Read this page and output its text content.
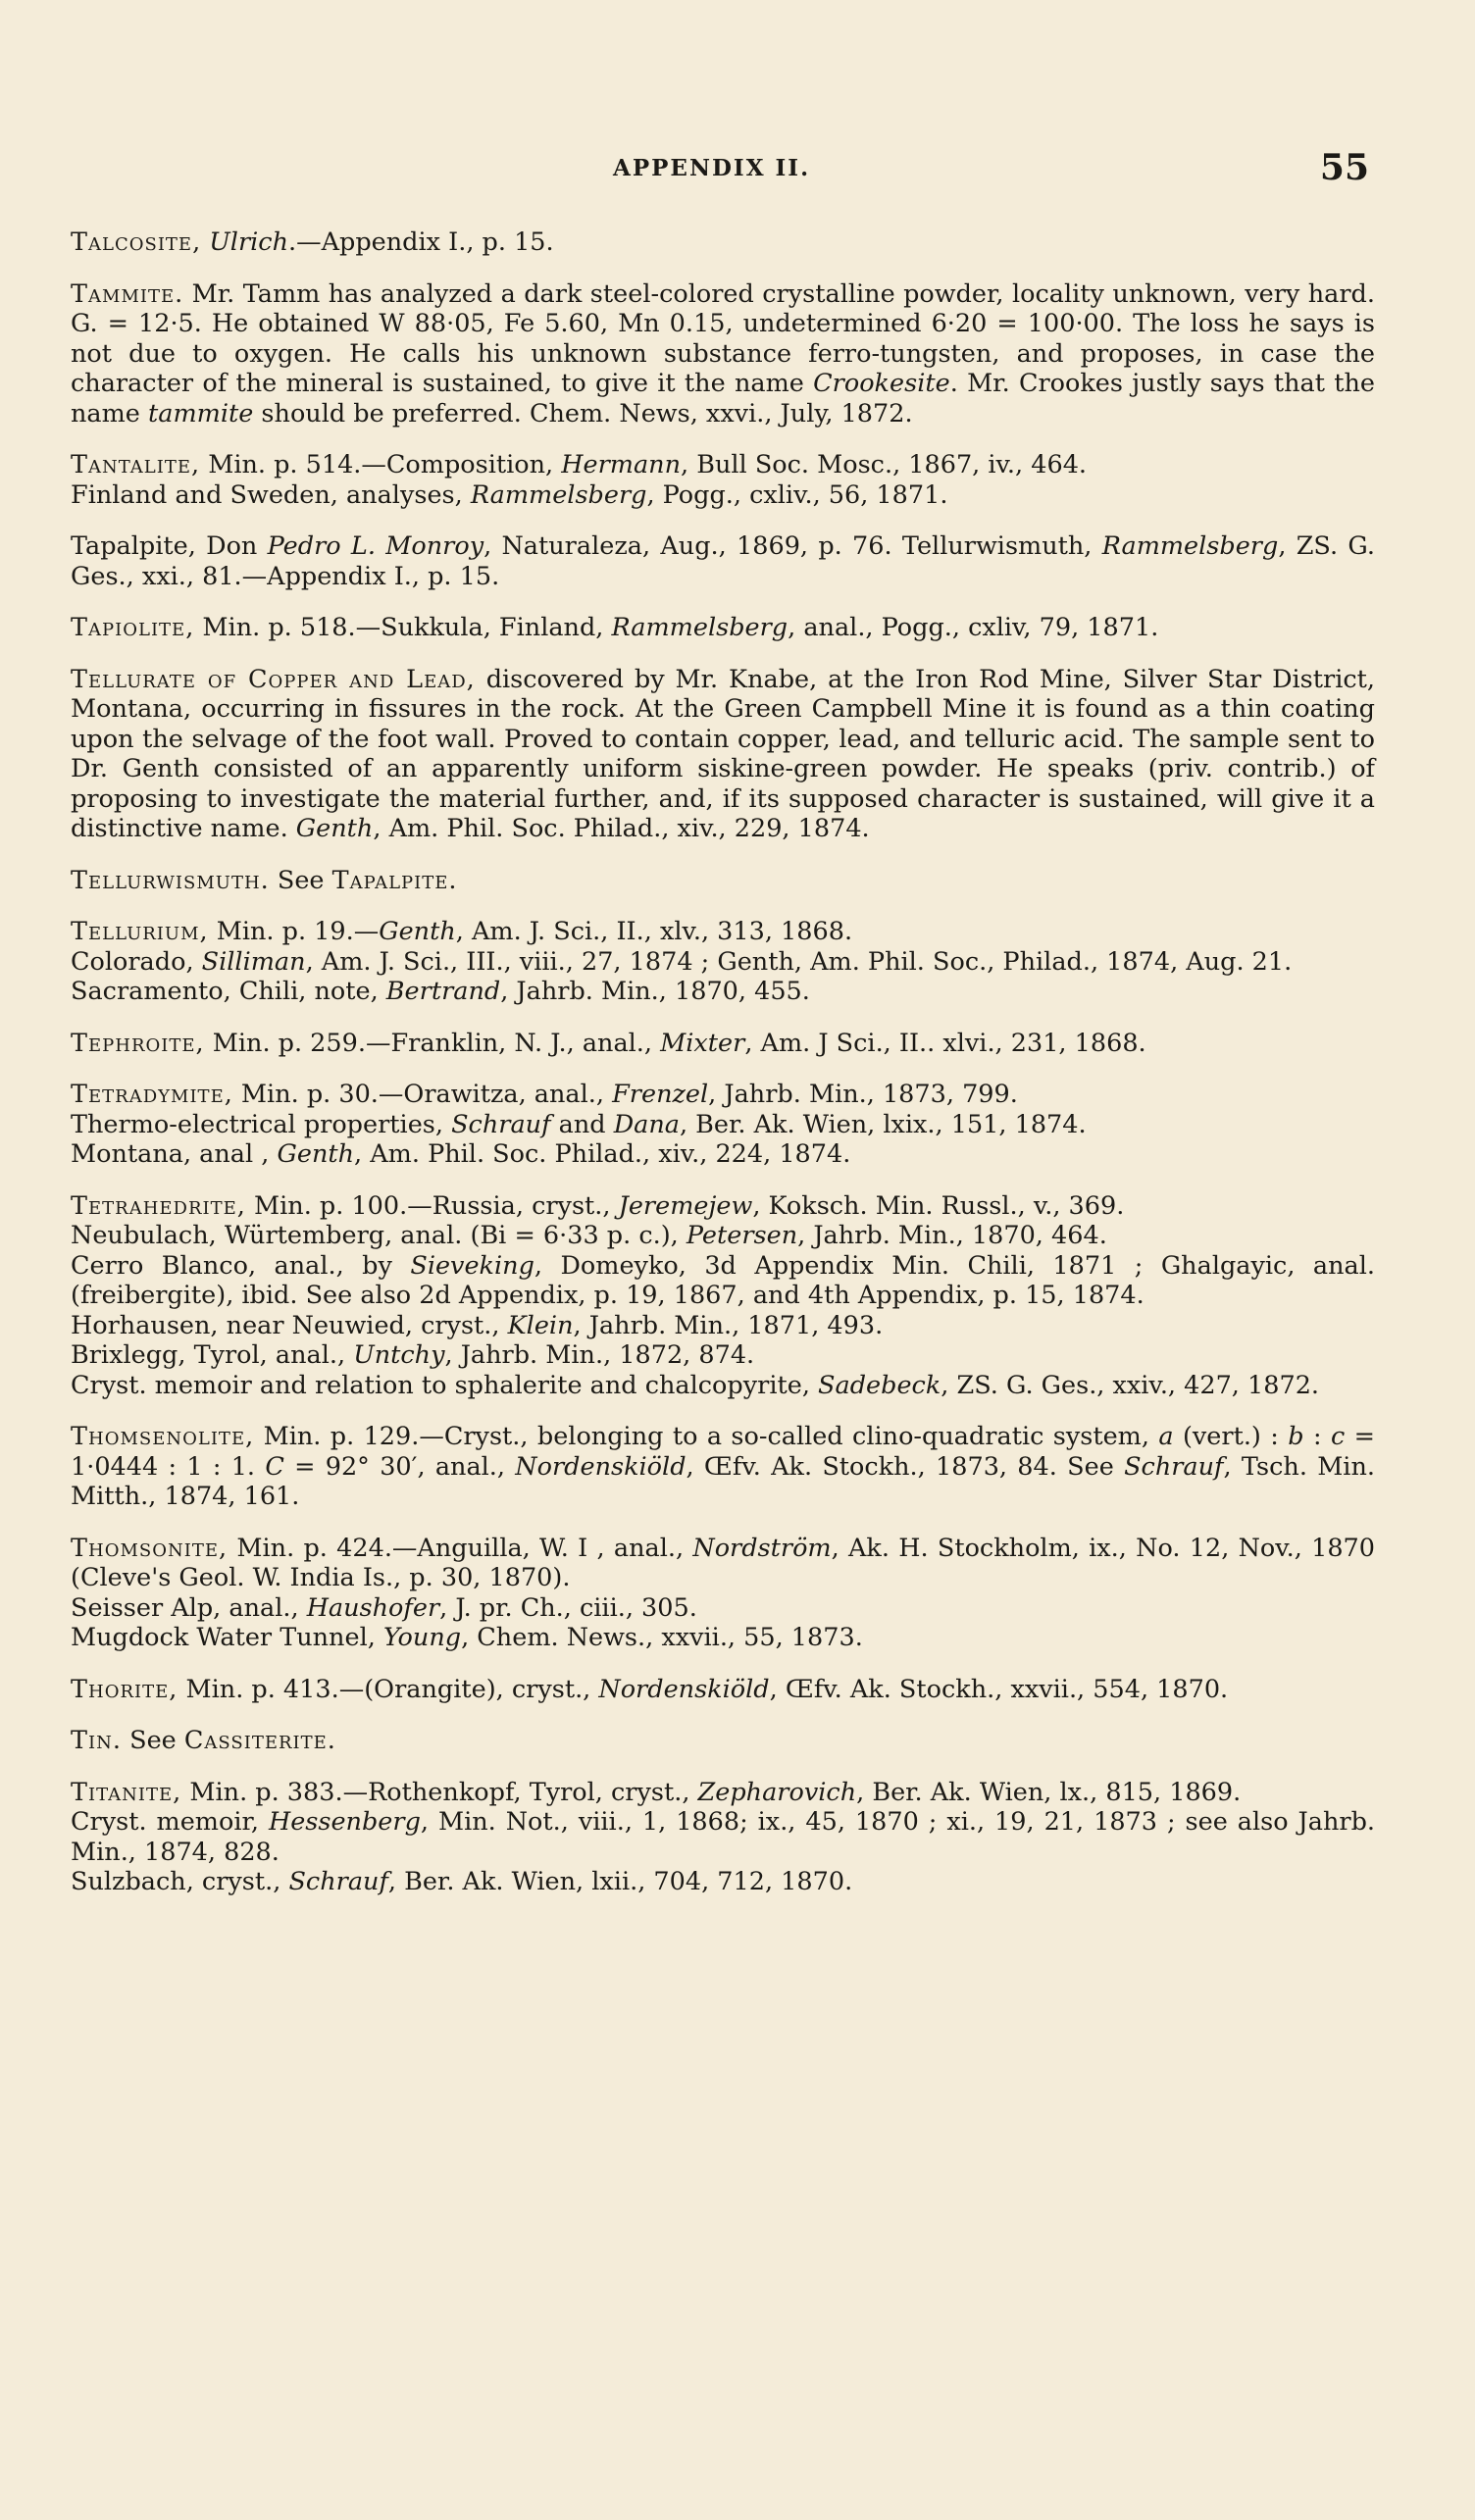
APPENDIX II.	55

Talcosite, Ulrich.—Appendix I., p. 15.

Tammite. Mr. Tamm has analyzed a dark steel-colored crystalline powder, locality unknown, very hard. G. = 12·5. He obtained W 88·05, Fe 5.60, Mn 0.15, undetermined 6·20 = 100·00. The loss he says is not due to oxygen. He calls his unknown substance ferro-tungsten, and proposes, in case the character of the mineral is sustained, to give it the name Crookesite. Mr. Crookes justly says that the name tammite should be preferred. Chem. News, xxvi., July, 1872.

Tantalite, Min. p. 514.—Composition, Hermann, Bull Soc. Mosc., 1867, iv., 464.

Finland and Sweden, analyses, Rammelsberg, Pogg., cxliv., 56, 1871.

Tapalpite, Don Pedro L. Monroy, Naturaleza, Aug., 1869, p. 76. Tellurwismuth, Rammelsberg, ZS. G. Ges., xxi., 81.—Appendix I., p. 15.

Tapiolite, Min. p. 518.—Sukkula, Finland, Rammelsberg, anal., Pogg., cxliv, 79, 1871.

Tellurate of Copper and Lead, discovered by Mr. Knabe, at the Iron Rod Mine, Silver Star District, Montana, occurring in fissures in the rock. At the Green Campbell Mine it is found as a thin coating upon the selvage of the foot wall. Proved to contain copper, lead, and telluric acid. The sample sent to Dr. Genth consisted of an apparently uniform siskine-green powder. He speaks (priv. contrib.) of proposing to investigate the material further, and, if its supposed character is sustained, will give it a distinctive name. Genth, Am. Phil. Soc. Philad., xiv., 229, 1874.

Tellurwismuth. See Tapalpite.

Tellurium, Min. p. 19.—Genth, Am. J. Sci., II., xlv., 313, 1868.

Colorado, Silliman, Am. J. Sci., III., viii., 27, 1874 ; Genth, Am. Phil. Soc., Philad., 1874, Aug. 21.

Sacramento, Chili, note, Bertrand, Jahrb. Min., 1870, 455.

Tephroite, Min. p. 259.—Franklin, N. J., anal., Mixter, Am. J Sci., II.. xlvi., 231, 1868.

Tetradymite, Min. p. 30.—Orawitza, anal., Frenzel, Jahrb. Min., 1873, 799.

Thermo-electrical properties, Schrauf and Dana, Ber. Ak. Wien, lxix., 151, 1874.

Montana, anal , Genth, Am. Phil. Soc. Philad., xiv., 224, 1874.

Tetrahedrite, Min. p. 100.—Russia, cryst., Jeremejew, Koksch. Min. Russl., v., 369.

Neubulach, Würtemberg, anal. (Bi = 6·33 p. c.), Petersen, Jahrb. Min., 1870, 464.

Cerro Blanco, anal., by Sieveking, Domeyko, 3d Appendix Min. Chili, 1871 ; Ghalgayic, anal. (freibergite), ibid. See also 2d Appendix, p. 19, 1867, and 4th Appendix, p. 15, 1874.

Horhausen, near Neuwied, cryst., Klein, Jahrb. Min., 1871, 493.

Brixlegg, Tyrol, anal., Untchy, Jahrb. Min., 1872, 874.

Cryst. memoir and relation to sphalerite and chalcopyrite, Sadebeck, ZS. G. Ges., xxiv., 427, 1872.

Thomsenolite, Min. p. 129.—Cryst., belonging to a so-called clino-quadratic system, a (vert.) : b : c = 1·0444 : 1 : 1. C = 92° 30′, anal., Nordenskiöld, Œfv. Ak. Stockh., 1873, 84. See Schrauf, Tsch. Min. Mitth., 1874, 161.

Thomsonite, Min. p. 424.—Anguilla, W. I , anal., Nordström, Ak. H. Stockholm, ix., No. 12, Nov., 1870 (Cleve's Geol. W. India Is., p. 30, 1870).

Seisser Alp, anal., Haushofer, J. pr. Ch., ciii., 305.

Mugdock Water Tunnel, Young, Chem. News., xxvii., 55, 1873.

Thorite, Min. p. 413.—(Orangite), cryst., Nordenskiöld, Œfv. Ak. Stockh., xxvii., 554, 1870.

Tin. See Cassiterite.

Titanite, Min. p. 383.—Rothenkopf, Tyrol, cryst., Zepharovich, Ber. Ak. Wien, lx., 815, 1869.

Cryst. memoir, Hessenberg, Min. Not., viii., 1, 1868; ix., 45, 1870 ; xi., 19, 21, 1873 ; see also Jahrb. Min., 1874, 828.

Sulzbach, cryst., Schrauf, Ber. Ak. Wien, lxii., 704, 712, 1870.
